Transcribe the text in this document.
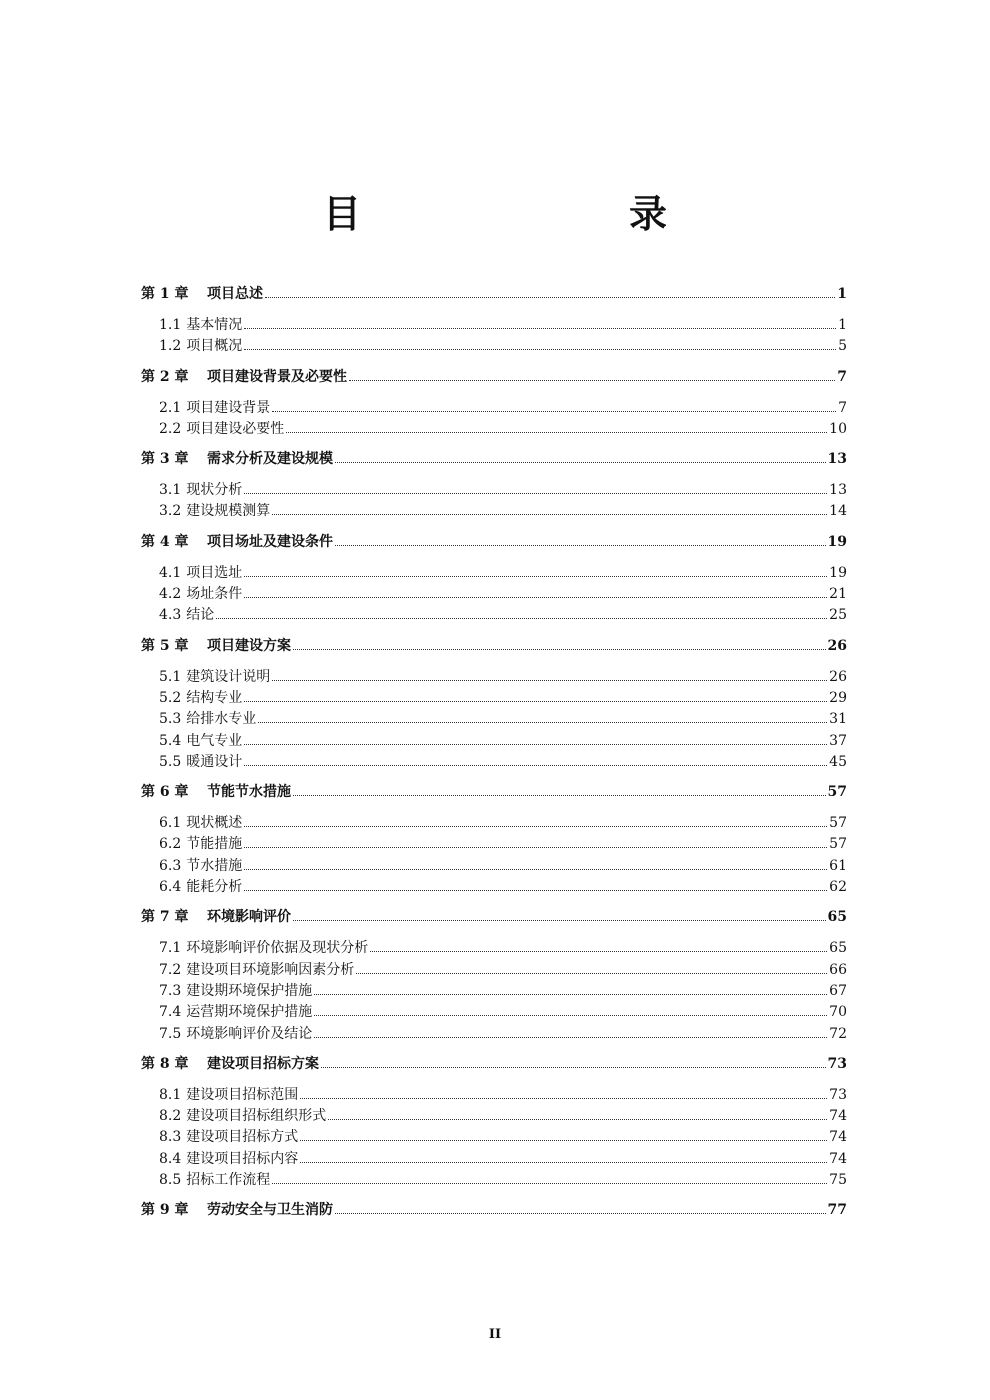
目　　录
第 1 章	项目总述	1
1.1 基本情况	1
1.2 项目概况	5
第 2 章	项目建设背景及必要性	7
2.1 项目建设背景	7
2.2 项目建设必要性	10
第 3 章	需求分析及建设规模	13
3.1 现状分析	13
3.2 建设规模测算	14
第 4 章	项目场址及建设条件	19
4.1 项目选址	19
4.2 场址条件	21
4.3 结论	25
第 5 章	项目建设方案	26
5.1 建筑设计说明	26
5.2 结构专业	29
5.3 给排水专业	31
5.4 电气专业	37
5.5 暖通设计	45
第 6 章	节能节水措施	57
6.1 现状概述	57
6.2 节能措施	57
6.3 节水措施	61
6.4 能耗分析	62
第 7 章	环境影响评价	65
7.1 环境影响评价依据及现状分析	65
7.2 建设项目环境影响因素分析	66
7.3 建设期环境保护措施	67
7.4 运营期环境保护措施	70
7.5 环境影响评价及结论	72
第 8 章	建设项目招标方案	73
8.1 建设项目招标范围	73
8.2 建设项目招标组织形式	74
8.3 建设项目招标方式	74
8.4 建设项目招标内容	74
8.5 招标工作流程	75
第 9 章	劳动安全与卫生消防	77
II
